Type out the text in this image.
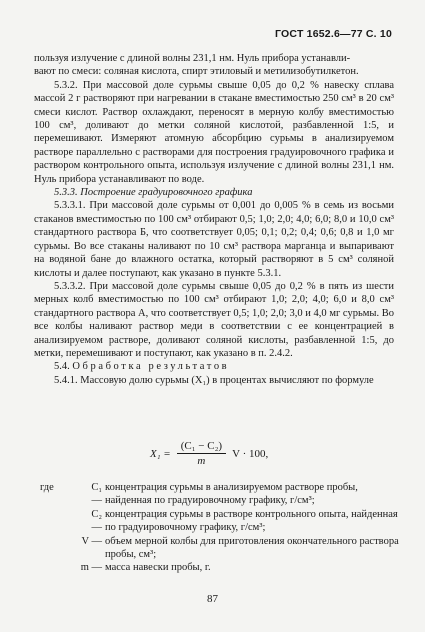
ГОСТ 1652.6—77 С. 10

пользуя излучение с длиной волны 231,1 нм. Нуль прибора устанавли-

вают по смеси: соляная кислота, спирт этиловый и метилизобутилкетон.

5.3.2. При массовой доле сурьмы свыше 0,05 до 0,2 % навеску сплава массой 2 г растворяют при нагревании в стакане вместимостью 250 см³ в 20 см³ смеси кислот. Раствор охлаждают, переносят в мерную колбу вместимостью 100 см³, доливают до метки соляной кислотой, разбавленной 1:5, и перемешивают. Измеряют атомную абсорбцию сурьмы в анализируемом растворе параллельно с растворами для построения градуировочного графика и раствором контрольного опыта, используя излучение с длиной волны 231,1 нм. Нуль прибора устанавливают по воде.

5.3.3. Построение градуировочного графика

5.3.3.1. При массовой доле сурьмы от 0,001 до 0,005 % в семь из восьми стаканов вместимостью по 100 см³ отбирают 0,5; 1,0; 2,0; 4,0; 6,0; 8,0 и 10,0 см³ стандартного раствора Б, что соответствует 0,05; 0,1; 0,2; 0,4; 0,6; 0,8 и 1,0 мг сурьмы. Во все стаканы наливают по 10 см³ раствора марганца и выпаривают на водяной бане до влажного остатка, который растворяют в 5 см³ соляной кислоты и далее поступают, как указано в пункте 5.3.1.

5.3.3.2. При массовой доле сурьмы свыше 0,05 до 0,2 % в пять из шести мерных колб вместимостью по 100 см³ отбирают 1,0; 2,0; 4,0; 6,0 и 8,0 см³ стандартного раствора А, что соответствует 0,5; 1,0; 2,0; 3,0 и 4,0 мг сурьмы. Во все колбы наливают раствор меди в соответствии с ее концентрацией в анализируемом растворе, доливают соляной кислоты, разбавленной 1:5, до метки, перемешивают и поступают, как указано в п. 2.4.2.

5.4. Обработка результатов

5.4.1. Массовую долю сурьмы (X₁) в процентах вычисляют по формуле

$X_1 = \frac{\text{(C₁ − C₂)}}{m}$ V · 100,
где	C₁ —
концентрация сурьмы в анализируемом растворе пробы, найденная по градуировочному графику, г/см³;
C₂ —
концентрация сурьмы в растворе контрольного опыта, найденная по градуировочному графику, г/см³;
V — объем мерной колбы для приготовления окончательного раствора пробы, см³;
m — масса навески пробы, г.
87
